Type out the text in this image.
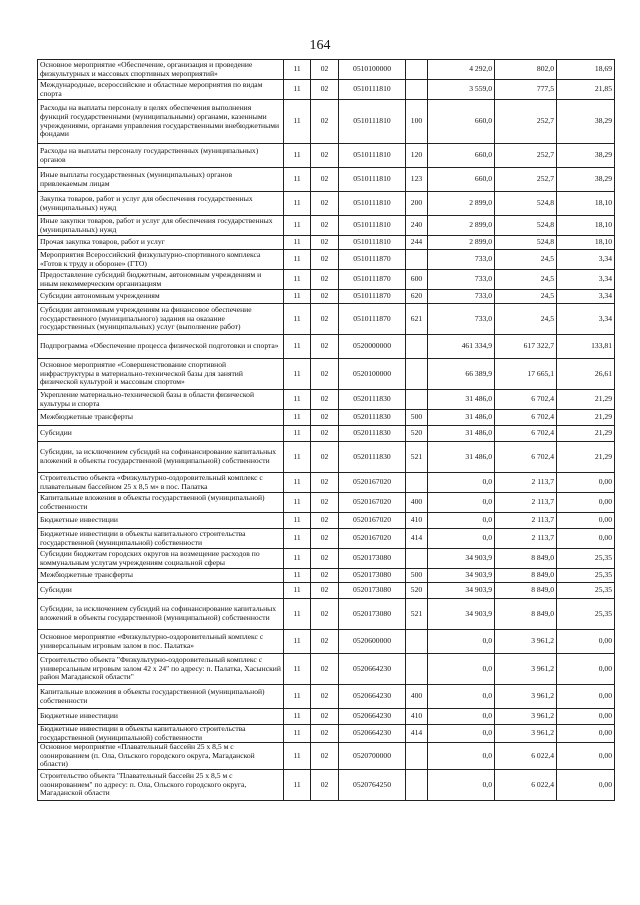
164
Основное мероприятие «Обеспечение, организация и проведение физкультурных и массовых спортивных мероприятий»	11	02	0510100000		4 292,0	802,0	18,69
Международные, всероссийские и областные мероприятия по видам спорта	11	02	0510111810		3 559,0	777,5	21,85
Расходы на выплаты персоналу в целях обеспечения выполнения функций государственными (муниципальными) органами, казенными учреждениями, органами управления государственными внебюджетными фондами	11	02	0510111810	100	660,0	252,7	38,29
Расходы на выплаты персоналу государственных (муниципальных) органов	11	02	0510111810	120	660,0	252,7	38,29
Иные выплаты государственных (муниципальных) органов привлекаемым лицам	11	02	0510111810	123	660,0	252,7	38,29
Закупка товаров, работ и услуг для обеспечения государственных (муниципальных) нужд	11	02	0510111810	200	2 899,0	524,8	18,10
Иные закупки товаров, работ и услуг для обеспечения государственных (муниципальных) нужд	11	02	0510111810	240	2 899,0	524,8	18,10
Прочая закупка товаров, работ и услуг	11	02	0510111810	244	2 899,0	524,8	18,10
Мероприятия Всероссийский физкультурно-спортивного комплекса «Готов к труду и обороне» (ГТО)	11	02	0510111870		733,0	24,5	3,34
Предоставление субсидий бюджетным, автономным учреждениям и иным некоммерческим организациям	11	02	0510111870	600	733,0	24,5	3,34
Субсидии автономным учреждениям	11	02	0510111870	620	733,0	24,5	3,34
Субсидии автономным учреждениям на финансовое обеспечение государственного (муниципального) задания на оказание государственных (муниципальных) услуг (выполнение работ)	11	02	0510111870	621	733,0	24,5	3,34
Подпрограмма «Обеспечение процесса физической подготовки и спорта»	11	02	0520000000		461 334,9	617 322,7	133,81
Основное мероприятие «Совершенствование спортивной инфраструктуры в материально-технической базы для занятий физической культурой и массовым спортом»	11	02	0520100000		66 389,9	17 665,1	26,61
Укрепление материально-технической базы в области физической культуры и спорта	11	02	0520111830		31 486,0	6 702,4	21,29
Межбюджетные трансферты	11	02	0520111830	500	31 486,0	6 702,4	21,29
Субсидии	11	02	0520111830	520	31 486,0	6 702,4	21,29
Субсидии, за исключением субсидий на софинансирование капитальных вложений в объекты государственной (муниципальной) собственности	11	02	0520111830	521	31 486,0	6 702,4	21,29
Строительство объекта «Физкультурно-оздоровительный комплекс с плавательным бассейном 25 х 8,5 м» в пос. Палатка	11	02	0520167020		0,0	2 113,7	0,00
Капитальные вложения в объекты государственной (муниципальной) собственности	11	02	0520167020	400	0,0	2 113,7	0,00
Бюджетные инвестиции	11	02	0520167020	410	0,0	2 113,7	0,00
Бюджетные инвестиции в объекты капитального строительства государственной (муниципальной) собственности	11	02	0520167020	414	0,0	2 113,7	0,00
Субсидии бюджетам городских округов на возмещение расходов по коммунальным услугам учреждениям социальной сферы	11	02	0520173080		34 903,9	8 849,0	25,35
Межбюджетные трансферты	11	02	0520173080	500	34 903,9	8 849,0	25,35
Субсидии	11	02	0520173080	520	34 903,9	8 849,0	25,35
Субсидии, за исключением субсидий на софинансирование капитальных вложений в объекты государственной (муниципальной) собственности	11	02	0520173080	521	34 903,9	8 849,0	25,35
Основное мероприятие «Физкультурно-оздоровительный комплекс с универсальным игровым залом в пос. Палатка»	11	02	0520600000		0,0	3 961,2	0,00
Строительство объекта "Физкультурно-оздоровительный комплекс с универсальным игровым залом 42 х 24" по адресу: п. Палатка, Хасынский район Магаданской области"	11	02	0520664230		0,0	3 961,2	0,00
Капитальные вложения в объекты государственной (муниципальной) собственности	11	02	0520664230	400	0,0	3 961,2	0,00
Бюджетные инвестиции	11	02	0520664230	410	0,0	3 961,2	0,00
Бюджетные инвестиции в объекты капитального строительства государственной (муниципальной) собственности	11	02	0520664230	414	0,0	3 961,2	0,00
Основное мероприятие «Плавательный бассейн 25 х 8,5 м с озонированием (п. Ола, Ольского городского округа, Магаданской области)	11	02	0520700000		0,0	6 022,4	0,00
Строительство объекта "Плавательный бассейн 25 х 8,5 м с озонированием" по адресу: п. Ола, Ольского городского округа, Магаданской области	11	02	0520764250		0,0	6 022,4	0,00
